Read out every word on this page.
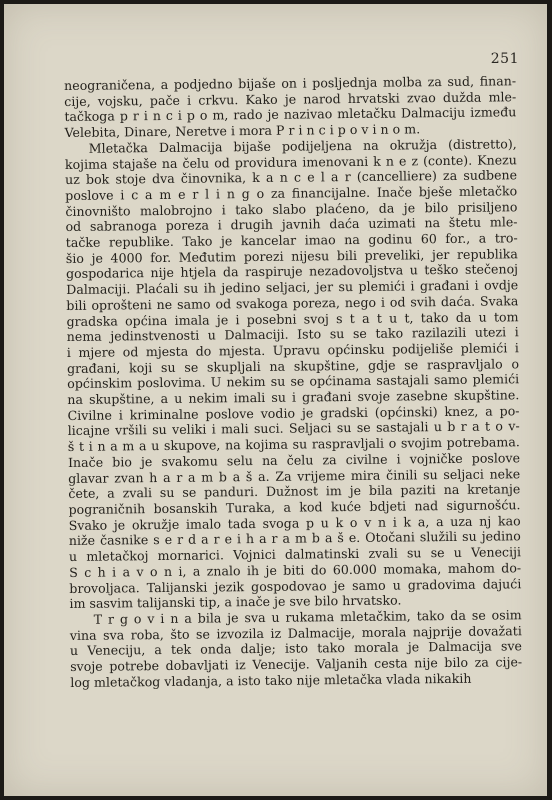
251

neograničena, a podjedno bijaše on i posljednja molba za sud, finan-
cije, vojsku, pače i crkvu. Kako je narod hrvatski zvao dužda mle-
tačkoga p r i n c i p o m, rado je nazivao mletačku Dalmaciju između
Velebita, Dinare, Neretve i mora P r i n c i p o v i n o m.

Mletačka Dalmacija bijaše podijeljena na okružja (distretto),
kojima stajaše na čelu od providura imenovani k n e z (conte). Knezu
uz bok stoje dva činovnika, k a n c e l a r (cancelliere) za sudbene
poslove i c a m e r l i n g o za financijalne. Inače bješe mletačko
činovništo malobrojno i tako slabo plaćeno, da je bilo prisiljeno
od sabranoga poreza i drugih javnih daća uzimati na štetu mle-
tačke republike. Tako je kancelar imao na godinu 60 for., a tro-
šio je 4000 for. Međutim porezi nijesu bili preveliki, jer republika
gospodarica nije htjela da raspiruje nezadovoljstva u teško stečenoj
Dalmaciji. Plaćali su ih jedino seljaci, jer su plemići i građani i ovdje
bili oprošteni ne samo od svakoga poreza, nego i od svih daća. Svaka
gradska općina imala je i posebni svoj s t a t u t, tako da u tom
nema jedinstvenosti u Dalmaciji. Isto su se tako razilazili utezi i
i mjere od mjesta do mjesta. Upravu općinsku podijeliše plemići i
građani, koji su se skupljali na skupštine, gdje se raspravljalo o
općinskim poslovima. U nekim su se općinama sastajali samo plemići
na skupštine, a u nekim imali su i građani svoje zasebne skupštine.
Civilne i kriminalne poslove vodio je gradski (općinski) knez, a po-
licajne vršili su veliki i mali suci. Seljaci su se sastajali u b r a t o v-
š t i n a m a u skupove, na kojima su raspravljali o svojim potrebama.
Inače bio je svakomu selu na čelu za civilne i vojničke poslove
glavar zvan h a r a m b a š a. Za vrijeme mira činili su seljaci neke
čete, a zvali su se panduri. Dužnost im je bila paziti na kretanje
pograničnih bosanskih Turaka, a kod kuće bdjeti nad sigurnošću.
Svako je okružje imalo tada svoga p u k o v n i k a, a uza nj kao
niže časnike s e r d a r e i h a r a m b a š e. Otočani služili su jedino
u mletačkoj mornarici. Vojnici dalmatinski zvali su se u Veneciji
S c h i a v o n i, a znalo ih je biti do 60.000 momaka, mahom do-
brovoljaca. Talijanski jezik gospodovao je samo u gradovima dajući
im sasvim talijanski tip, a inače je sve bilo hrvatsko.

T r g o v i n a bila je sva u rukama mletačkim, tako da se osim
vina sva roba, što se izvozila iz Dalmacije, morala najprije dovažati
u Veneciju, a tek onda dalje; isto tako morala je Dalmacija sve
svoje potrebe dobavljati iz Venecije. Valjanih cesta nije bilo za cije-
log mletačkog vladanja, a isto tako nije mletačka vlada nikakih
